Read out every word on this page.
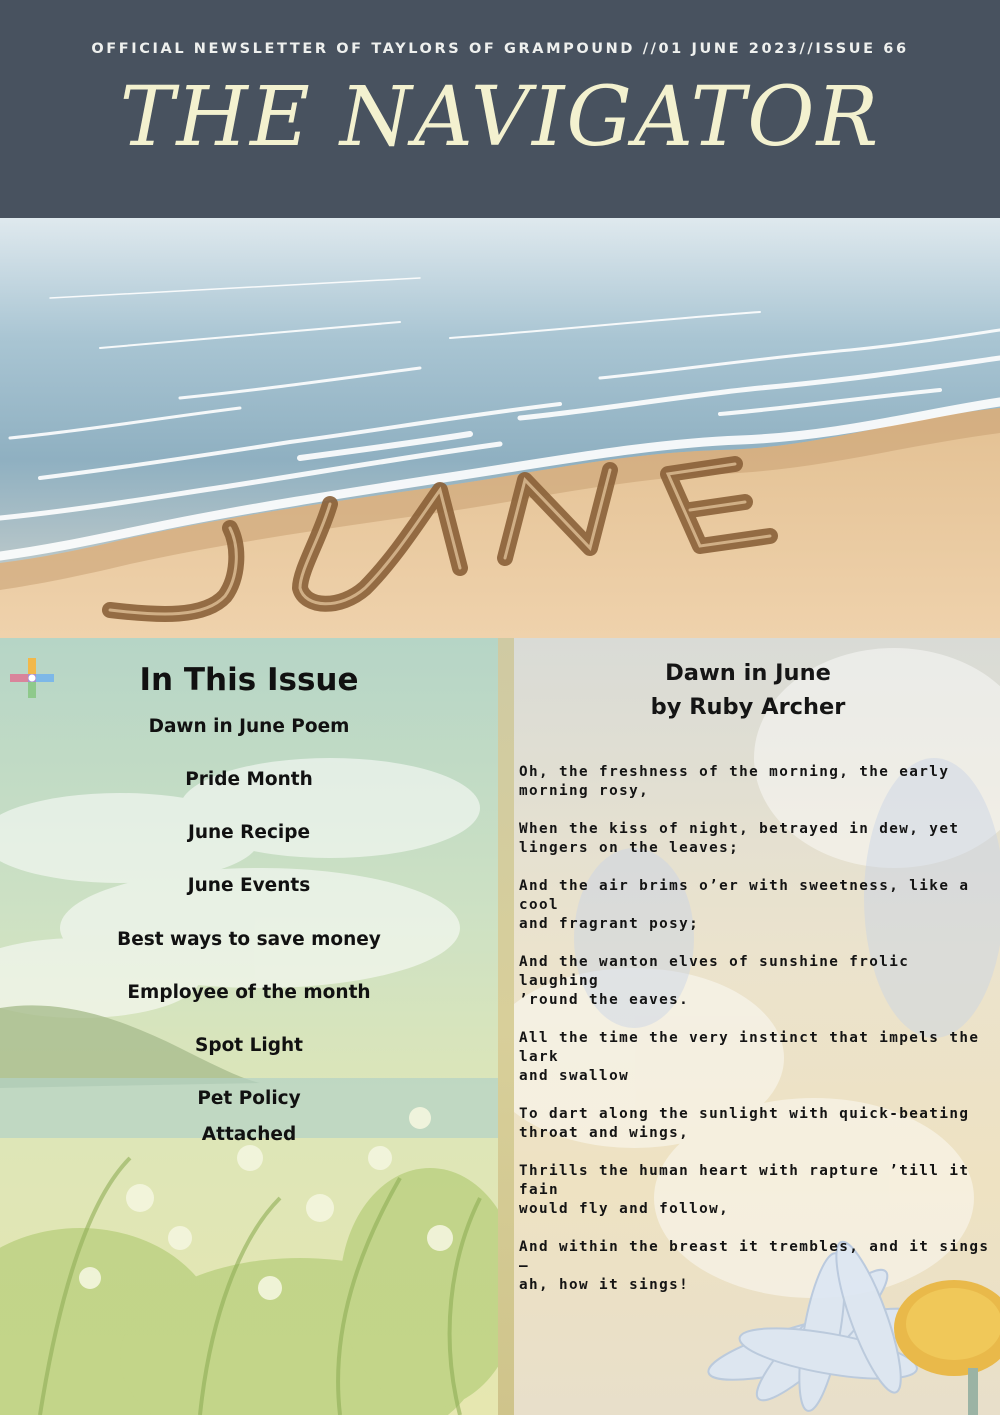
OFFICIAL NEWSLETTER OF TAYLORS OF GRAMPOUND //01 JUNE 2023//ISSUE 66
THE NAVIGATOR
In This Issue
Dawn in June Poem
Pride Month
June Recipe
June Events
Best ways to save money
Employee of the month
Spot Light
Pet Policy
Attached
Dawn in June
by Ruby Archer

Oh, the freshness of the morning, the early
morning rosy,

When the kiss of night, betrayed in dew, yet
lingers on the leaves;

And the air brims o’er with sweetness, like a cool
and fragrant posy;

And the wanton elves of sunshine frolic laughing
’round the eaves.

All the time the very instinct that impels the lark
and swallow

To dart along the sunlight with quick-beating
throat and wings,

Thrills the human heart with rapture ’till it fain
would fly and follow,

And within the breast it trembles, and it sings—
ah, how it sings!
